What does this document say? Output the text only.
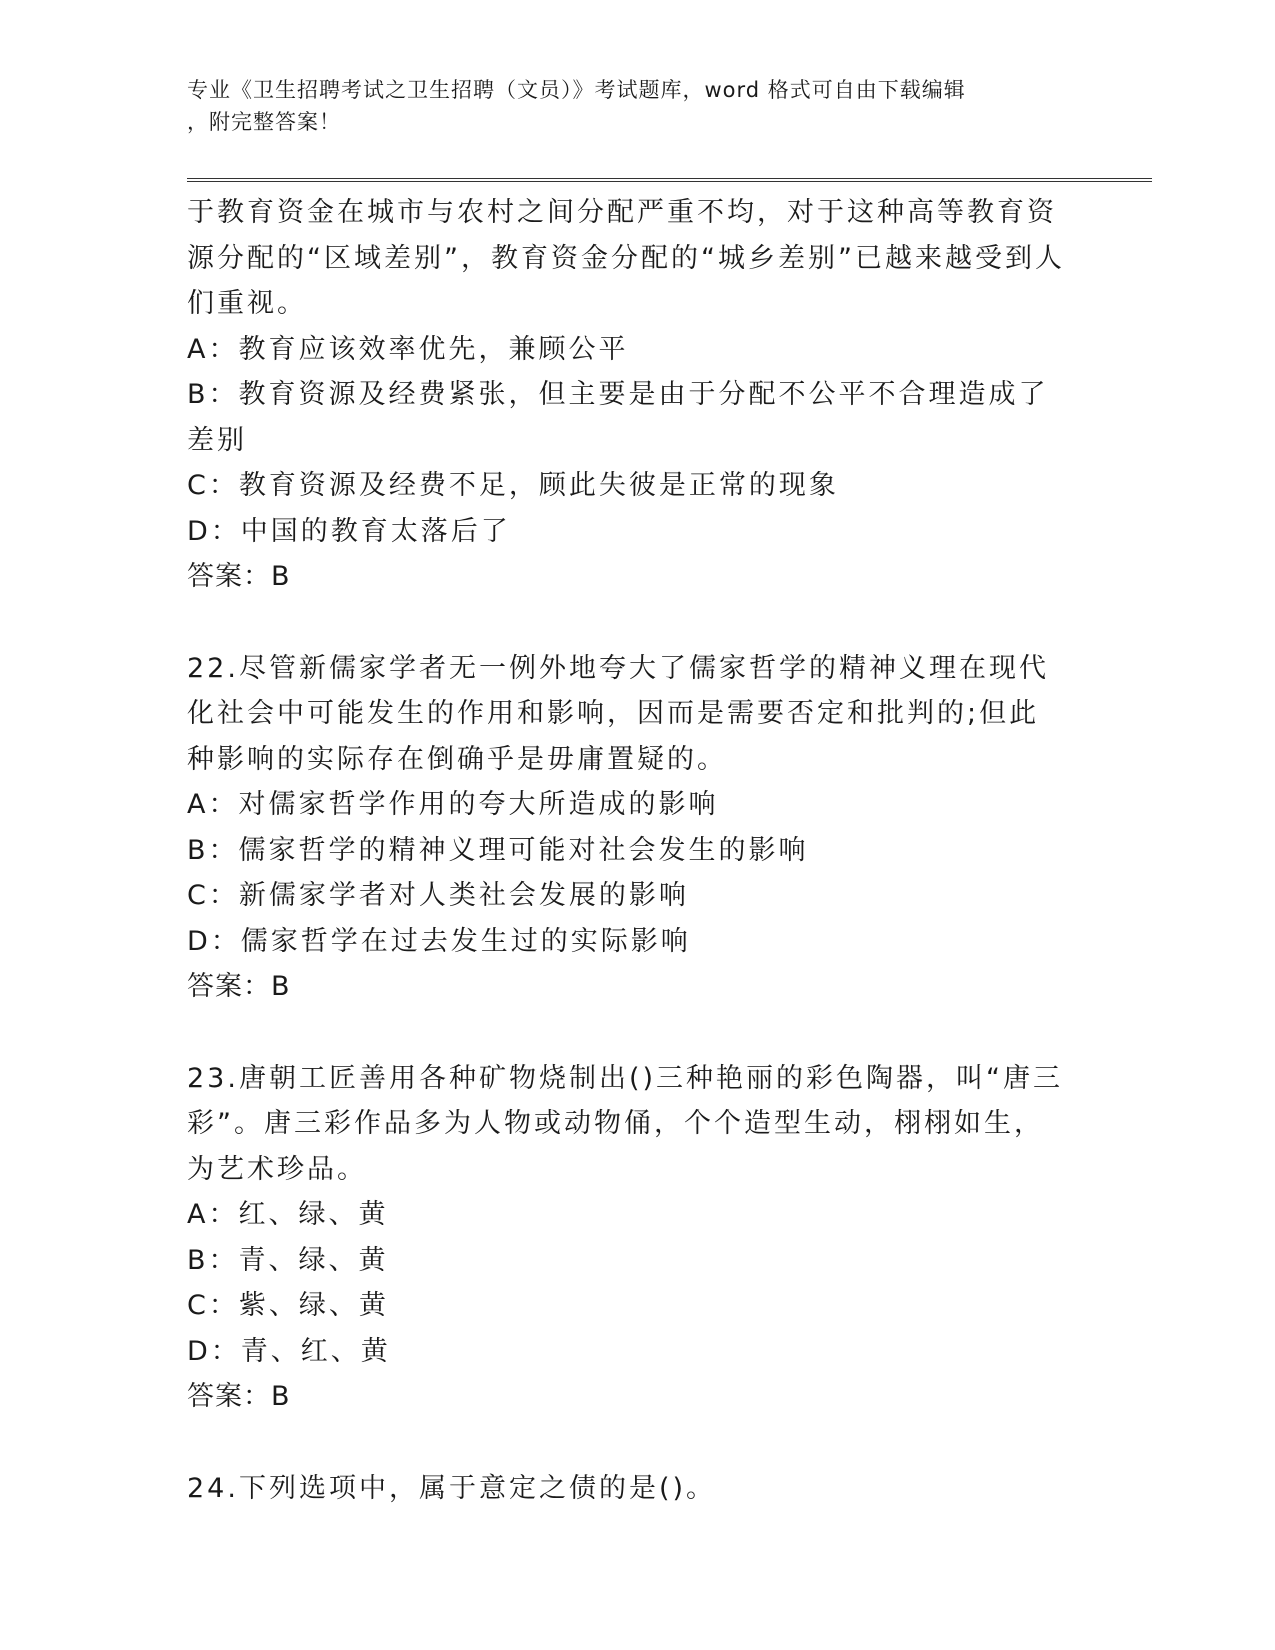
专业《卫生招聘考试之卫生招聘（文员）》考试题库，word 格式可自由下载编辑
，附完整答案！

于教育资金在城市与农村之间分配严重不均，对于这种高等教育资源分配的“区域差别”，教育资金分配的“城乡差别”已越来越受到人们重视。

A：教育应该效率优先，兼顾公平

B：教育资源及经费紧张，但主要是由于分配不公平不合理造成了差别

C：教育资源及经费不足，顾此失彼是正常的现象

D：中国的教育太落后了

答案：B

22.尽管新儒家学者无一例外地夸大了儒家哲学的精神义理在现代化社会中可能发生的作用和影响，因而是需要否定和批判的;但此种影响的实际存在倒确乎是毋庸置疑的。

A：对儒家哲学作用的夸大所造成的影响

B：儒家哲学的精神义理可能对社会发生的影响

C：新儒家学者对人类社会发展的影响

D：儒家哲学在过去发生过的实际影响

答案：B

23.唐朝工匠善用各种矿物烧制出()三种艳丽的彩色陶器，叫“唐三彩”。唐三彩作品多为人物或动物俑，个个造型生动，栩栩如生，为艺术珍品。

A：红、绿、黄

B：青、绿、黄

C：紫、绿、黄

D：青、红、黄

答案：B

24.下列选项中，属于意定之债的是()。
